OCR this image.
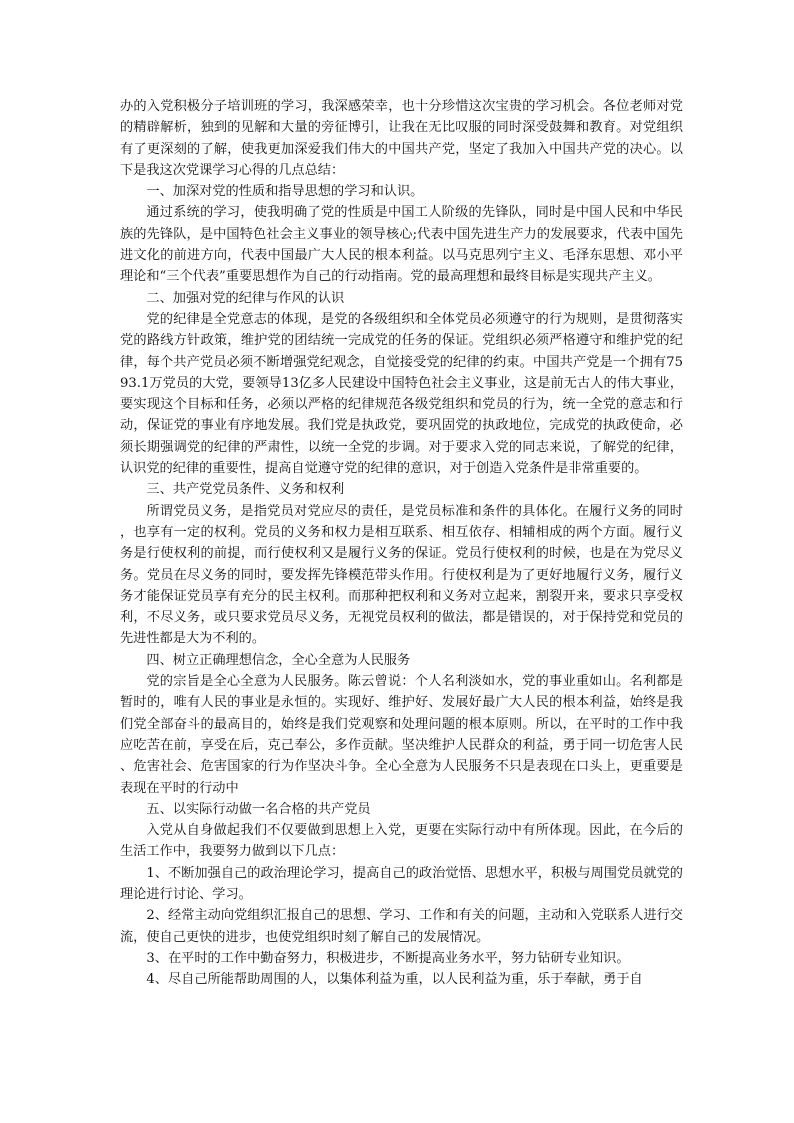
办的入党积极分子培训班的学习，我深感荣幸，也十分珍惜这次宝贵的学习机会。各位老师对党的精辟解析，独到的见解和大量的旁征博引，让我在无比叹服的同时深受鼓舞和教育。对党组织有了更深刻的了解，使我更加深爱我们伟大的中国共产党，坚定了我加入中国共产党的决心。以下是我这次党课学习心得的几点总结：

一、加深对党的性质和指导思想的学习和认识。

通过系统的学习，使我明确了党的性质是中国工人阶级的先锋队，同时是中国人民和中华民族的先锋队，是中国特色社会主义事业的领导核心;代表中国先进生产力的发展要求，代表中国先进文化的前进方向，代表中国最广大人民的根本利益。以马克思列宁主义、毛泽东思想、邓小平理论和“三个代表”重要思想作为自己的行动指南。党的最高理想和最终目标是实现共产主义。

二、加强对党的纪律与作风的认识

党的纪律是全党意志的体现，是党的各级组织和全体党员必须遵守的行为规则，是贯彻落实党的路线方针政策，维护党的团结统一完成党的任务的保证。党组织必须严格遵守和维护党的纪律，每个共产党员必须不断增强党纪观念，自觉接受党的纪律的约束。中国共产党是一个拥有7593.1万党员的大党，要领导13亿多人民建设中国特色社会主义事业，这是前无古人的伟大事业，要实现这个目标和任务，必须以严格的纪律规范各级党组织和党员的行为，统一全党的意志和行动，保证党的事业有序地发展。我们党是执政党，要巩固党的执政地位，完成党的执政使命，必须长期强调党的纪律的严肃性，以统一全党的步调。对于要求入党的同志来说，了解党的纪律，认识党的纪律的重要性，提高自觉遵守党的纪律的意识，对于创造入党条件是非常重要的。

三、共产党党员条件、义务和权利

所谓党员义务，是指党员对党应尽的责任，是党员标准和条件的具体化。在履行义务的同时，也享有一定的权利。党员的义务和权力是相互联系、相互依存、相辅相成的两个方面。履行义务是行使权利的前提，而行使权利又是履行义务的保证。党员行使权利的时候，也是在为党尽义务。党员在尽义务的同时，要发挥先锋模范带头作用。行使权利是为了更好地履行义务，履行义务才能保证党员享有充分的民主权利。而那种把权利和义务对立起来，割裂开来，要求只享受权利，不尽义务，或只要求党员尽义务，无视党员权利的做法，都是错误的，对于保持党和党员的先进性都是大为不利的。

四、树立正确理想信念，全心全意为人民服务

党的宗旨是全心全意为人民服务。陈云曾说：个人名利淡如水，党的事业重如山。名利都是暂时的，唯有人民的事业是永恒的。实现好、维护好、发展好最广大人民的根本利益，始终是我们党全部奋斗的最高目的，始终是我们党观察和处理问题的根本原则。所以，在平时的工作中我应吃苦在前，享受在后，克己奉公，多作贡献。坚决维护人民群众的利益，勇于同一切危害人民、危害社会、危害国家的行为作坚决斗争。全心全意为人民服务不只是表现在口头上，更重要是表现在平时的行动中

五、以实际行动做一名合格的共产党员

入党从自身做起我们不仅要做到思想上入党，更要在实际行动中有所体现。因此，在今后的生活工作中，我要努力做到以下几点：

1、不断加强自己的政治理论学习，提高自己的政治觉悟、思想水平，积极与周围党员就党的理论进行讨论、学习。

2、经常主动向党组织汇报自己的思想、学习、工作和有关的问题，主动和入党联系人进行交流，使自己更快的进步，也使党组织时刻了解自己的发展情况。

3、在平时的工作中勤奋努力，积极进步，不断提高业务水平，努力钻研专业知识。

4、尽自己所能帮助周围的人，以集体利益为重，以人民利益为重，乐于奉献，勇于自
